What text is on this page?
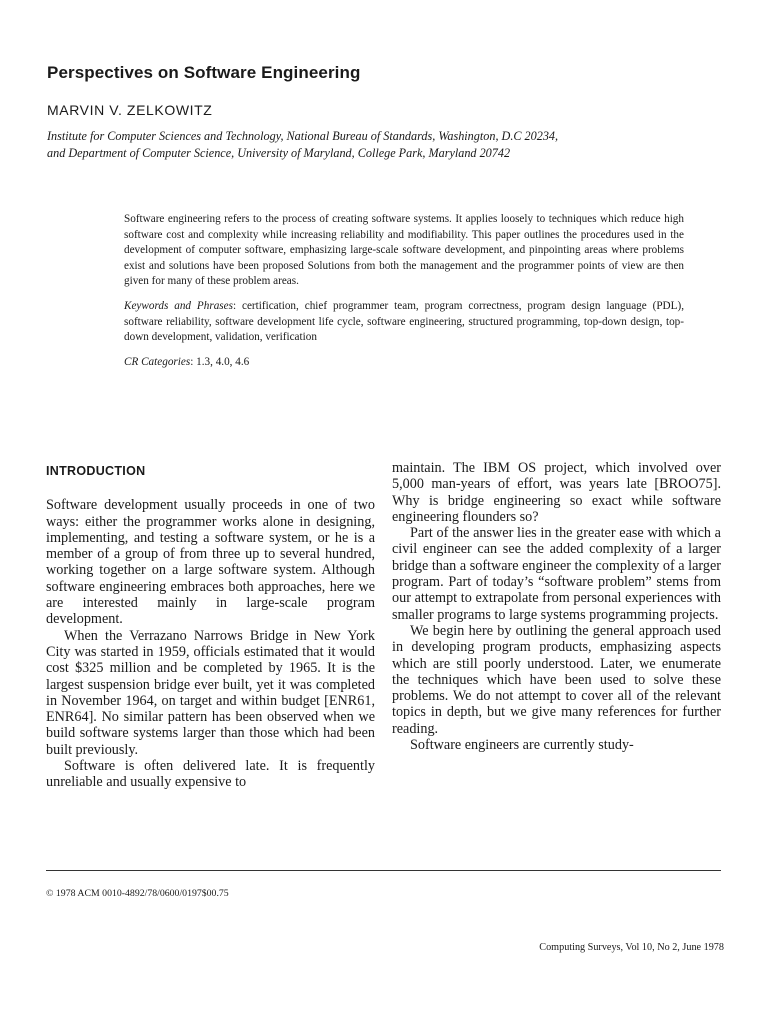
Perspectives on Software Engineering
MARVIN V. ZELKOWITZ
Institute for Computer Sciences and Technology, National Bureau of Standards, Washington, D.C 20234,
and Department of Computer Science, University of Maryland, College Park, Maryland 20742

Software engineering refers to the process of creating software systems. It applies loosely to techniques which reduce high software cost and complexity while increasing reliability and modifiability. This paper outlines the procedures used in the development of computer software, emphasizing large-scale software development, and pinpointing areas where problems exist and solutions have been proposed Solutions from both the management and the programmer points of view are then given for many of these problem areas.

Keywords and Phrases: certification, chief programmer team, program correctness, program design language (PDL), software reliability, software development life cycle, software engineering, structured programming, top-down design, top-down development, validation, verification

CR Categories: 1.3, 4.0, 4.6

INTRODUCTION

Software development usually proceeds in one of two ways: either the programmer works alone in designing, implementing, and testing a software system, or he is a member of a group of from three up to several hundred, working together on a large software system. Although software engineering embraces both approaches, here we are interested mainly in large-scale program development.

When the Verrazano Narrows Bridge in New York City was started in 1959, officials estimated that it would cost $325 million and be completed by 1965. It is the largest suspension bridge ever built, yet it was completed in November 1964, on target and within budget [ENR61, ENR64]. No similar pattern has been observed when we build software systems larger than those which had been built previously.

Software is often delivered late. It is frequently unreliable and usually expensive to

maintain. The IBM OS project, which involved over 5,000 man-years of effort, was years late [BROO75]. Why is bridge engineering so exact while software engineering flounders so?

Part of the answer lies in the greater ease with which a civil engineer can see the added complexity of a larger bridge than a software engineer the complexity of a larger program. Part of today’s “software problem” stems from our attempt to extrapolate from personal experiences with smaller programs to large systems programming projects.

We begin here by outlining the general approach used in developing program products, emphasizing aspects which are still poorly understood. Later, we enumerate the techniques which have been used to solve these problems. We do not attempt to cover all of the relevant topics in depth, but we give many references for further reading.

Software engineers are currently study-

© 1978 ACM 0010-4892/78/0600/0197$00.75
Computing Surveys, Vol 10, No 2, June 1978
